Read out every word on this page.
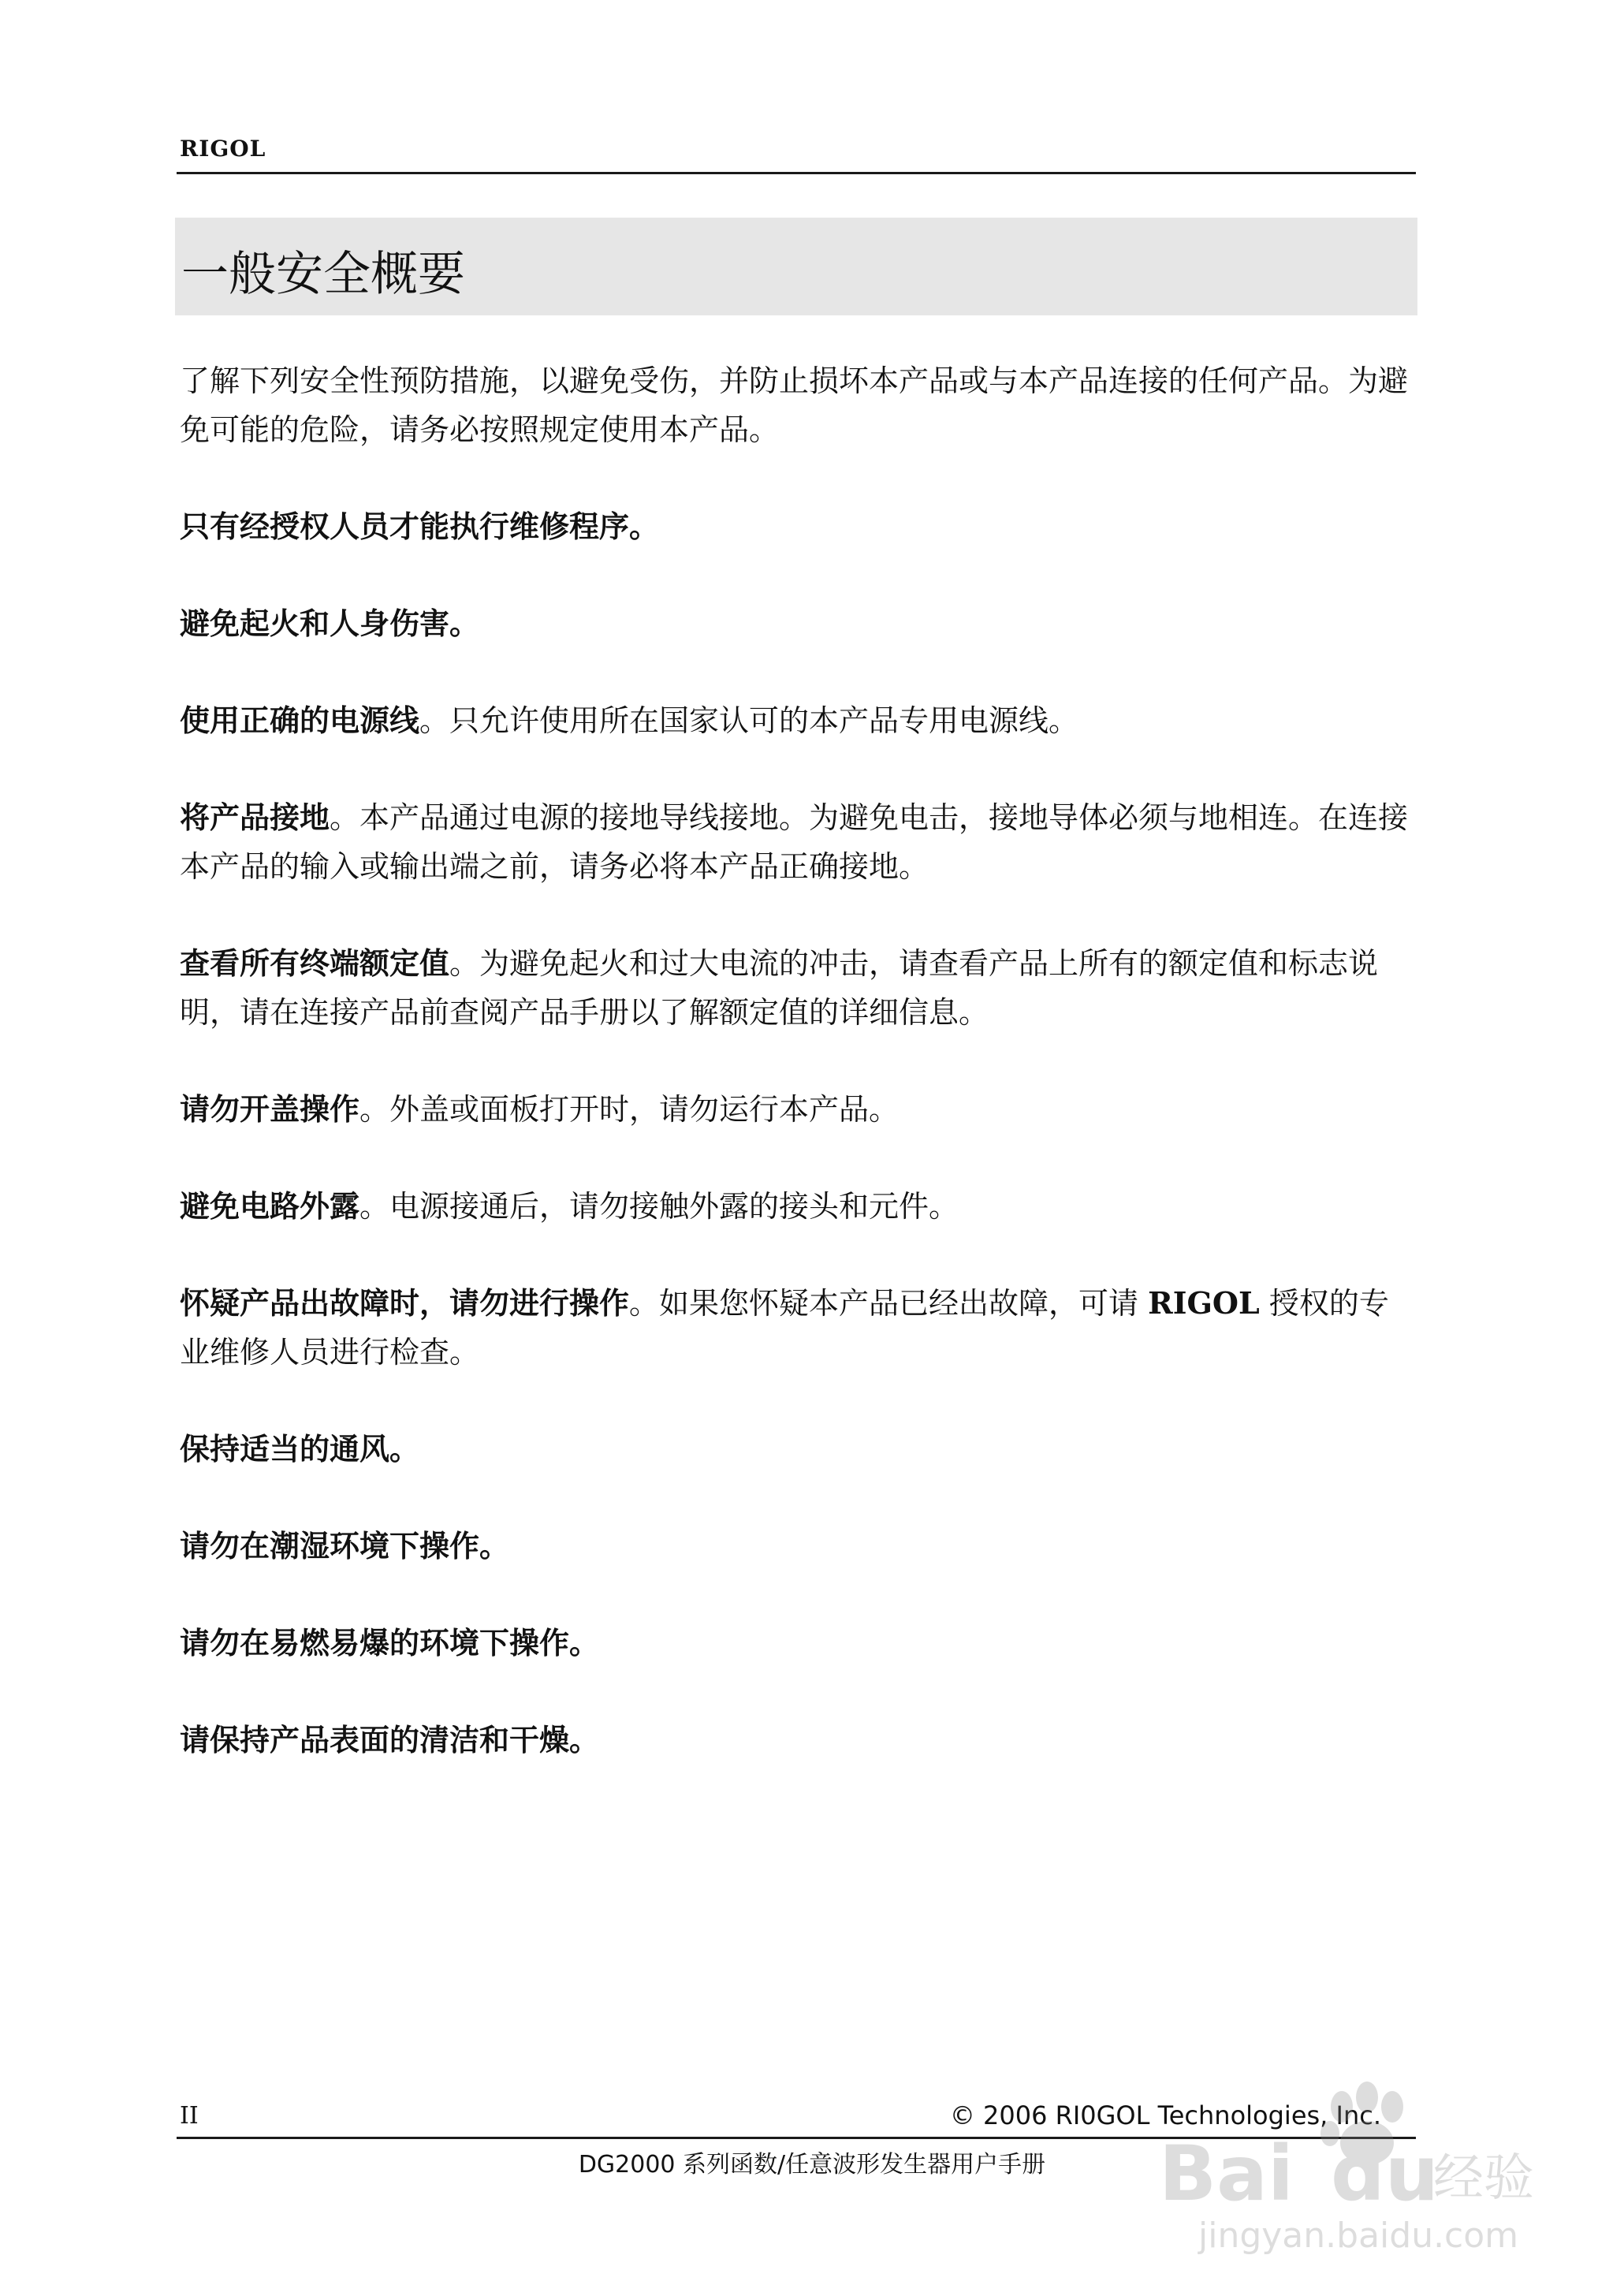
RIGOL
一般安全概要

了解下列安全性预防措施，以避免受伤，并防止损坏本产品或与本产品连接的任何产品。为避免可能的危险，请务必按照规定使用本产品。

只有经授权人员才能执行维修程序。

避免起火和人身伤害。

使用正确的电源线。只允许使用所在国家认可的本产品专用电源线。

将产品接地。本产品通过电源的接地导线接地。为避免电击，接地导体必须与地相连。在连接本产品的输入或输出端之前，请务必将本产品正确接地。

查看所有终端额定值。为避免起火和过大电流的冲击，请查看产品上所有的额定值和标志说明，请在连接产品前查阅产品手册以了解额定值的详细信息。

请勿开盖操作。外盖或面板打开时，请勿运行本产品。

避免电路外露。电源接通后，请勿接触外露的接头和元件。

怀疑产品出故障时，请勿进行操作。如果您怀疑本产品已经出故障，可请 RIGOL 授权的专业维修人员进行检查。

保持适当的通风。

请勿在潮湿环境下操作。

请勿在易燃易爆的环境下操作。

请保持产品表面的清洁和干燥。

II	© 2006 RI0GOL Technologies, Inc.
DG2000 系列函数/任意波形发生器用户手册	Bai du
经验
jingyan.baidu.com
